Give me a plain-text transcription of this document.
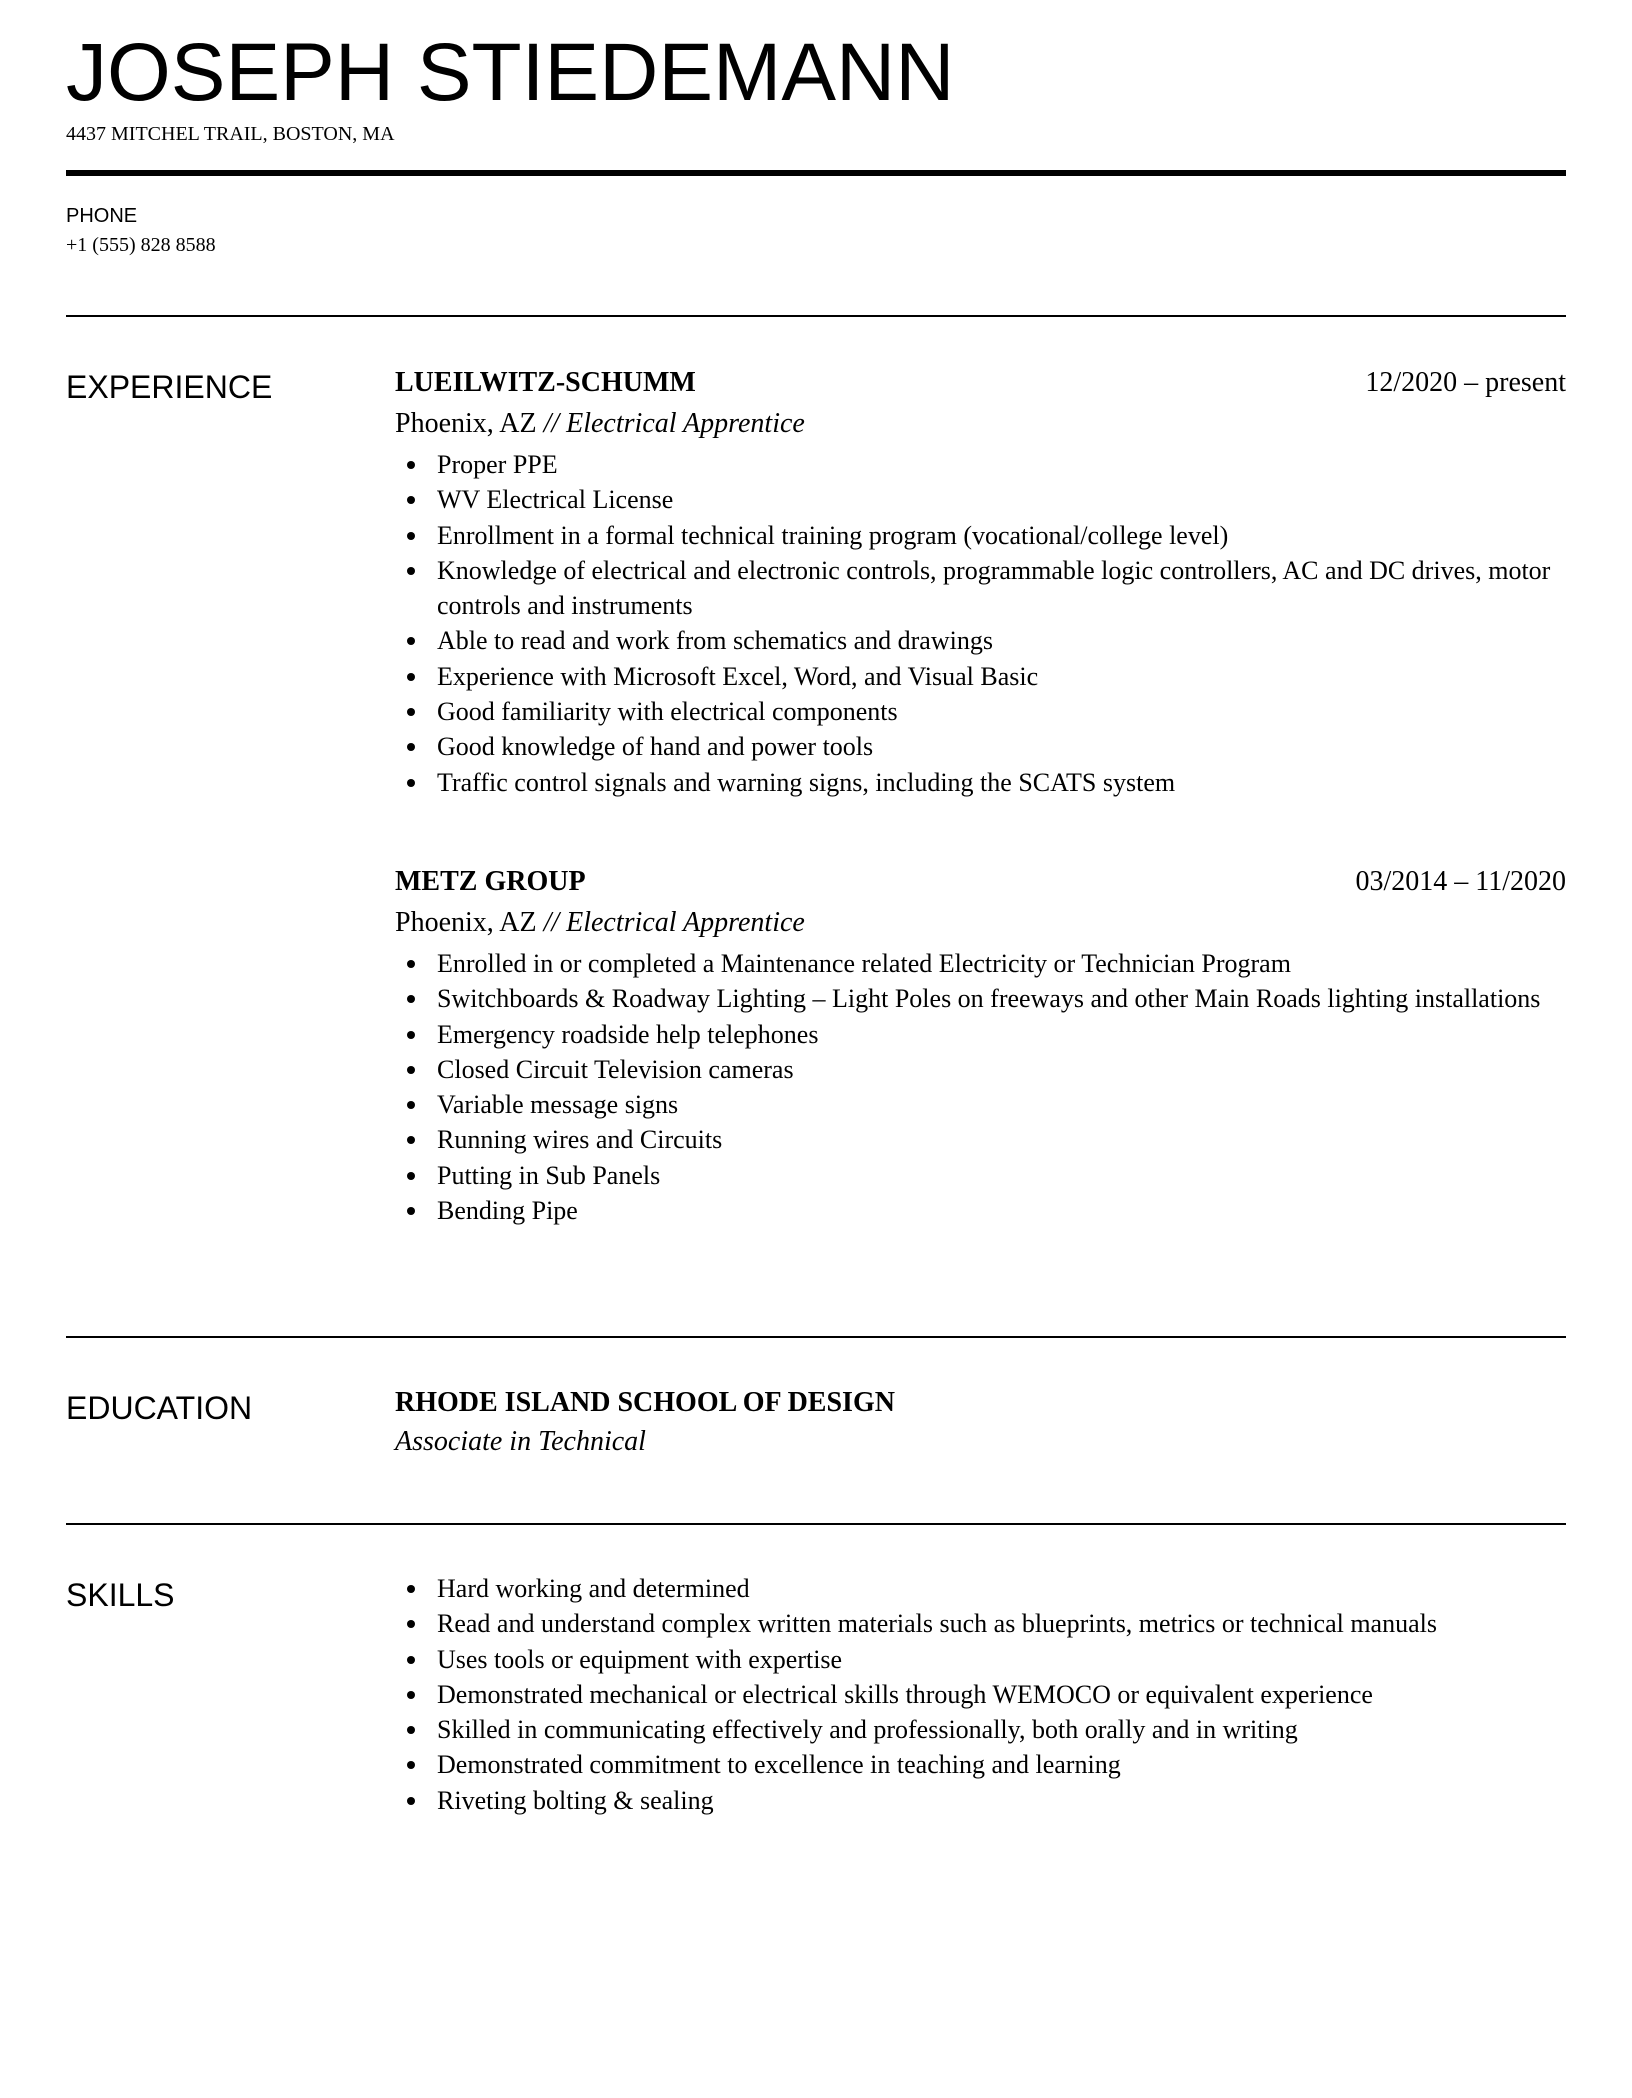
JOSEPH STIEDEMANN
4437 MITCHEL TRAIL, BOSTON, MA
PHONE
+1 (555) 828 8588
EXPERIENCE	LUEILWITZ-SCHUMM	12/2020 – present
Phoenix, AZ // Electrical Apprentice
Proper PPE
WV Electrical License
Enrollment in a formal technical training program (vocational/college level)
Knowledge of electrical and electronic controls, programmable logic controllers, AC and DC drives, motor controls and instruments
Able to read and work from schematics and drawings
Experience with Microsoft Excel, Word, and Visual Basic
Good familiarity with electrical components
Good knowledge of hand and power tools
Traffic control signals and warning signs, including the SCATS system
METZ GROUP	03/2014 – 11/2020
Phoenix, AZ // Electrical Apprentice
Enrolled in or completed a Maintenance related Electricity or Technician Program
Switchboards & Roadway Lighting – Light Poles on freeways and other Main Roads lighting installations
Emergency roadside help telephones
Closed Circuit Television cameras
Variable message signs
Running wires and Circuits
Putting in Sub Panels
Bending Pipe
EDUCATION	RHODE ISLAND SCHOOL OF DESIGN
Associate in Technical
SKILLS	Hard working and determined
Read and understand complex written materials such as blueprints, metrics or technical manuals
Uses tools or equipment with expertise
Demonstrated mechanical or electrical skills through WEMOCO or equivalent experience
Skilled in communicating effectively and professionally, both orally and in writing
Demonstrated commitment to excellence in teaching and learning
Riveting bolting & sealing
